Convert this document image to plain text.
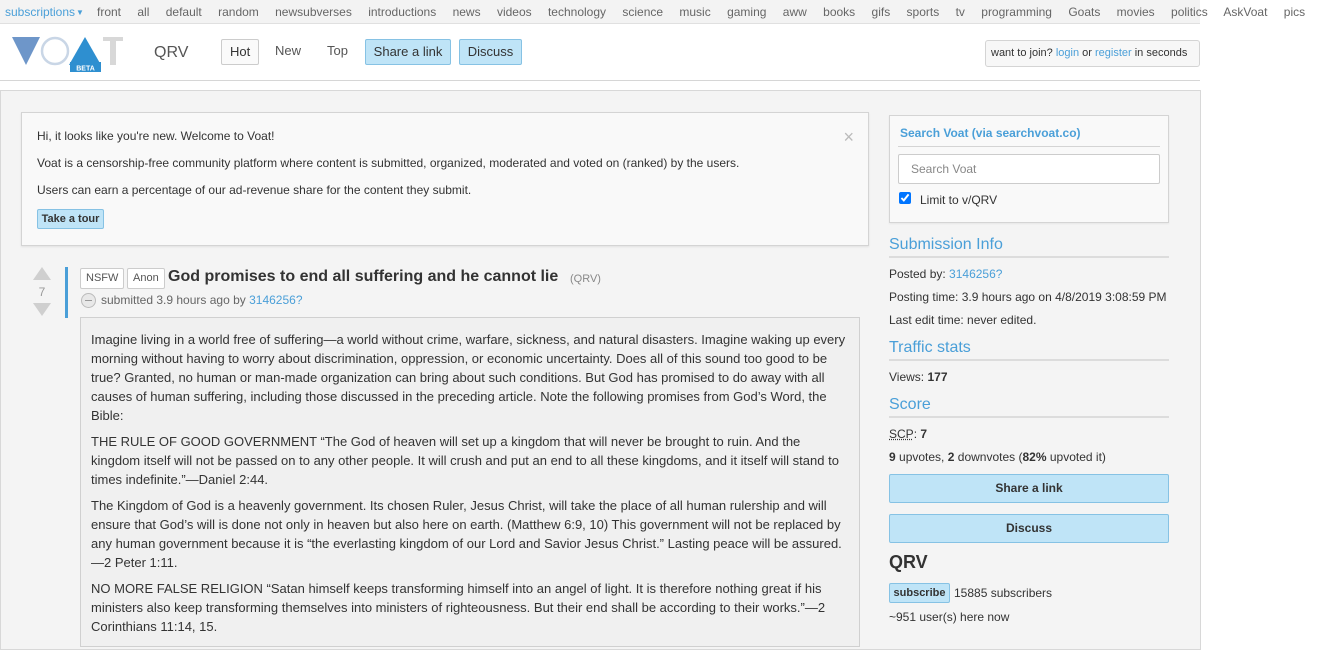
subscriptions▼ front all default random newsubverses introductions news videos technology science music gaming aww books gifs sports tv programming Goats movies politics AskVoat pics
BETA
QRV	Hot	New	Top	Share a link	Discuss	want to join? login or register in seconds

Hi, it looks like you're new. Welcome to Voat!

Voat is a censorship-free community platform where content is submitted, organized, moderated and voted on (ranked) by the users.

Users can earn a percentage of our ad-revenue share for the content they submit.

Take a tour
×
7
NSFW	Anon God promises to end all suffering and he cannot lie (QRV)
submitted 3.9 hours ago by 3146256?

Imagine living in a world free of suffering—a world without crime, warfare, sickness, and natural disasters. Imagine waking up every morning without having to worry about discrimination, oppression, or economic uncertainty. Does all of this sound too good to be true? Granted, no human or man-made organization can bring about such conditions. But God has promised to do away with all causes of human suffering, including those discussed in the preceding article. Note the following promises from God’s Word, the Bible:

THE RULE OF GOOD GOVERNMENT “The God of heaven will set up a kingdom that will never be brought to ruin. And the kingdom itself will not be passed on to any other people. It will crush and put an end to all these kingdoms, and it itself will stand to times indefinite.”—Daniel 2:44.

The Kingdom of God is a heavenly government. Its chosen Ruler, Jesus Christ, will take the place of all human rulership and will ensure that God’s will is done not only in heaven but also here on earth. (Matthew 6:9, 10) This government will not be replaced by any human government because it is “the everlasting kingdom of our Lord and Savior Jesus Christ.” Lasting peace will be assured.—2 Peter 1:11.

NO MORE FALSE RELIGION “Satan himself keeps transforming himself into an angel of light. It is therefore nothing great if his ministers also keep transforming themselves into ministers of righteousness. But their end shall be according to their works.”—2 Corinthians 11:14, 15.

Search Voat (via searchvoat.co)
Search Voat
Limit to v/QRV
Submission Info
Posted by: 3146256?
Posting time: 3.9 hours ago on 4/8/2019 3:08:59 PM
Last edit time: never edited.
Traffic stats
Views: 177
Score
SCP: 7
9 upvotes, 2 downvotes (82% upvoted it)
Share a link
Discuss
QRV
subscribe 15885 subscribers
~951 user(s) here now
